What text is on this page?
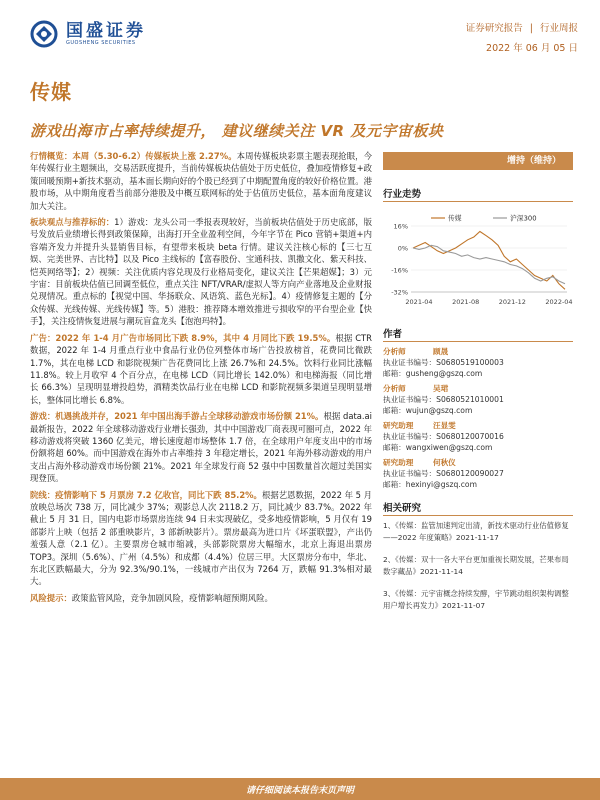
国盛证券
GUOSHENG SECURITIES
证券研究报告 | 行业周报
2022 年 06 月 05 日
传媒
游戏出海市占率持续提升， 建议继续关注 VR 及元宇宙板块
行情概览：本周（5.30-6.2）传媒板块上涨 2.27%。本周传媒板块彩票主题表现抢眼，今年传媒行业主题频出，交易活跃度提升，当前传媒板块估值处于历史低位，叠加疫情修复+政策回暖预期+新技术驱动，基本面长期向好的个股已经到了中期配置角度的较好价格位置。港股市场，从中期角度看当前部分港股及中概互联网标的处于估值历史低位，基本面角度建议加大关注。
板块观点与推荐标的：1）游戏：龙头公司一季报表现较好，当前板块估值处于历史底部，版号发放后业绩增长得到政策保障，出海打开全业盈利空间，今年字节在 Pico 营销+渠道+内容端齐发力并提升头显销售目标，有望带来板块 beta 行情。建议关注核心标的【三七互娱、完美世界、吉比特】以及 Pico 主线标的【富春股份、宝通科技、凯撒文化、紫天科技、恺英网络等】；2）视频：关注优质内容兑现及行业格局变化，建议关注【芒果超媒】；3）元宇宙：目前板块估值已回调至低位，重点关注 NFT/VRAR/虚拟人等方向产业落地及企业财报兑现情况。重点标的【视觉中国、华扬联众、风语筑、蓝色光标】。4）疫情修复主题的【分众传媒、光线传媒、光线传媒】等。5）港股：推荐降本增效推进亏损收窄的平台型企业【快手】，关注疫情恢复进展与潮玩盲盒龙头【泡泡玛特】。
广告：2022 年 1-4 月广告市场同比下跌 8.9%，其中 4 月同比下跌 19.5%。根据 CTR 数据，2022 年 1-4 月重点行业中食品行业仍位列整体市场广告投放榜首，花费同比微跌 1.7%，其在电梯 LCD 和影院视频广告花费同比上涨 26.7%和 24.5%。饮料行业同比涨幅 11.8%。较上月收窄 4 个百分点，在电梯 LCD（同比增长 142.0%）和电梯海报（同比增长 66.3%）呈现明显增投趋势，酒精类饮品行业在电梯 LCD 和影院视频多渠道呈现明显增长，整体同比增长 6.8%。
游戏：机遇挑战并存，2021 年中国出海手游占全球移动游戏市场份额 21%。根据 data.ai 最新报告，2022 年全球移动游戏行业增长强劲，其中中国游戏厂商表现可圈可点，2022 年移动游戏将突破 1360 亿美元，增长速度超市场整体 1.7 倍，在全球用户年度支出中的市场份额将超 60%。而中国游戏在海外市占率维持 3 年稳定增长，2021 年海外移动游戏的用户支出占海外移动游戏市场份额 21%。2021 年全球发行商 52 强中中国数量首次超过美国实现登顶。
院线：疫情影响下 5 月票房 7.2 亿收官，同比下跌 85.2%。根据艺恩数据，2022 年 5 月放映总场次 738 万，同比减少 37%；观影总人次 2118.2 万，同比减少 83.7%。2022 年截止 5 月 31 日，国内电影市场票房连续 94 日未实现破亿，受多地疫情影响，5 月仅有 19 部影片上映（包括 2 部重映影片，3 部新映影片）。票房最高为进口片《坏蛋联盟》，产出仍羞强人意（2.1 亿）。主要票房仓城市缩减，头部影院票房大幅缩水，北京上海退出票房 TOP3。深圳（5.6%）、广州（4.5%）和成都（4.4%）位居三甲。大区票房分布中，华北、东北区跌幅最大，分为 92.3%/90.1%，一线城市产出仅为 7264 万，跌幅 91.3%相对最大。
风险提示：政策监管风险，竞争加剧风险，疫情影响超预期风险。
增持（维持）
行业走势
16%
0%
-16%
-32%
2021-04	2021-08	2021-12	2022-04
传媒	沪深300
作者
分析师	顾晟
执业证书编号：S0680519100003
邮箱：gusheng@gszq.com
分析师	吴珺
执业证书编号：S0680521010001
邮箱：wujun@gszq.com
研究助理	汪显雯
执业证书编号：S0680120070016
邮箱：wangxiwen@gszq.com
研究助理	何秋仪
执业证书编号：S0680120090027
邮箱：hexinyi@gszq.com
相关研究
1、《传媒：监管加速判定出清，新技术驱动行业估值修复——2022 年度策略》2021-11-17
2、《传媒：双十一各大平台更加重视长期发展，芒果布局数字藏品》2021-11-14
3、《传媒：元宇宙概念持续发酵，宇节跳动组织架构调整用户增长再发力》2021-11-07
请仔细阅读本报告末页声明
